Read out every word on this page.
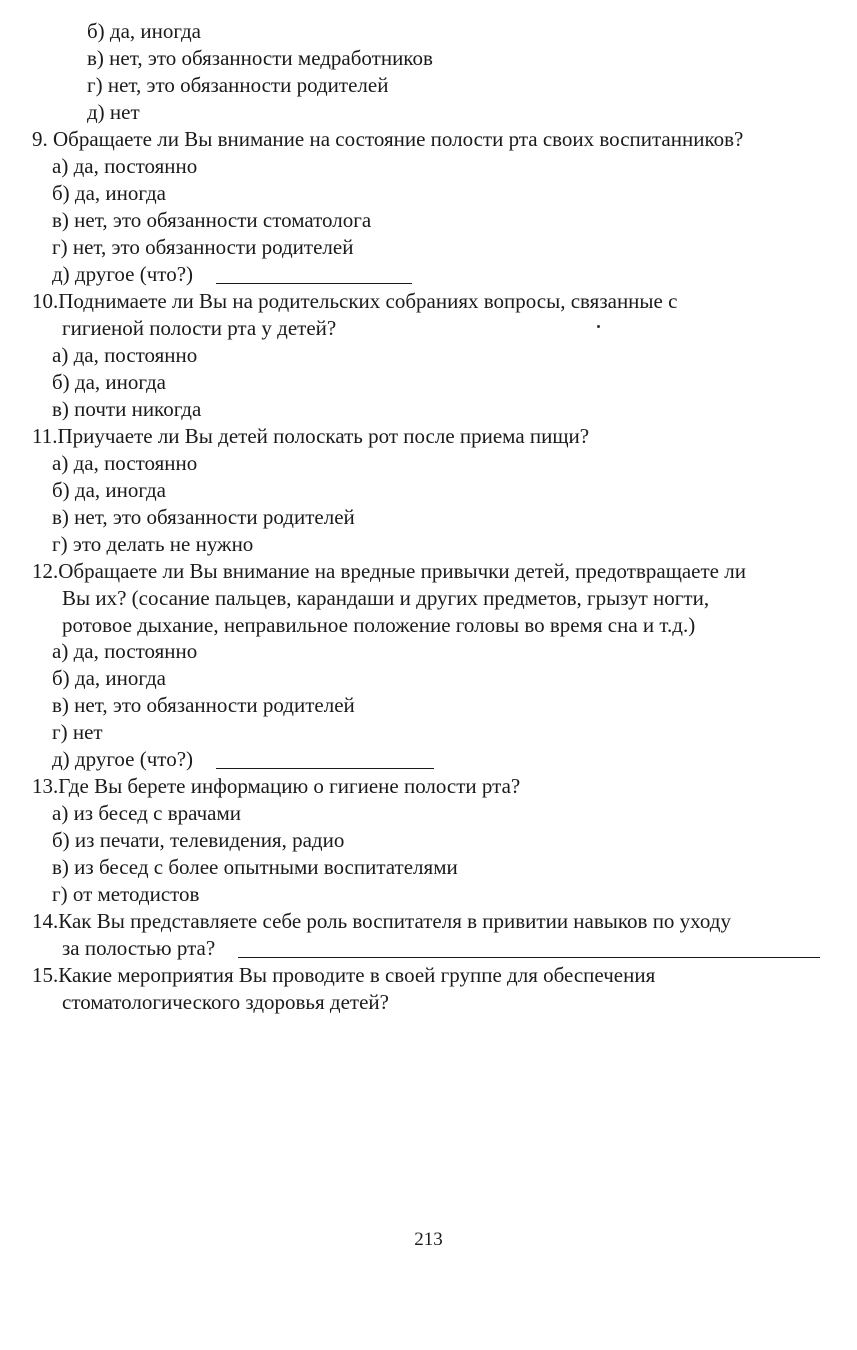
б) да, иногда
в) нет, это обязанности медработников
г) нет, это обязанности родителей
д) нет
9. Обращаете ли Вы внимание на состояние полости рта своих воспитанников?
а) да, постоянно
б) да, иногда
в) нет, это обязанности стоматолога
г) нет, это обязанности родителей
д) другое (что?)
10.Поднимаете ли Вы на родительских собраниях вопросы, связанные с
гигиеной полости рта у детей?
а) да, постоянно
б) да, иногда
в) почти никогда
11.Приучаете ли Вы детей полоскать рот после приема пищи?
а) да, постоянно
б) да, иногда
в) нет, это обязанности родителей
г) это делать не нужно
12.Обращаете ли Вы внимание на вредные привычки детей, предотвращаете ли
Вы их? (сосание пальцев, карандаши и других предметов, грызут ногти,
ротовое дыхание, неправильное положение головы во время сна и т.д.)
а) да, постоянно
б) да, иногда
в) нет, это обязанности родителей
г) нет
д) другое (что?)
13.Где Вы берете информацию о гигиене полости рта?
а) из бесед с врачами
б) из печати, телевидения, радио
в) из бесед с более опытными воспитателями
г) от методистов
14.Как Вы представляете себе роль воспитателя в привитии навыков по уходу
за полостью рта?
15.Какие мероприятия Вы проводите в своей группе для обеспечения
стоматологического здоровья детей?
213
